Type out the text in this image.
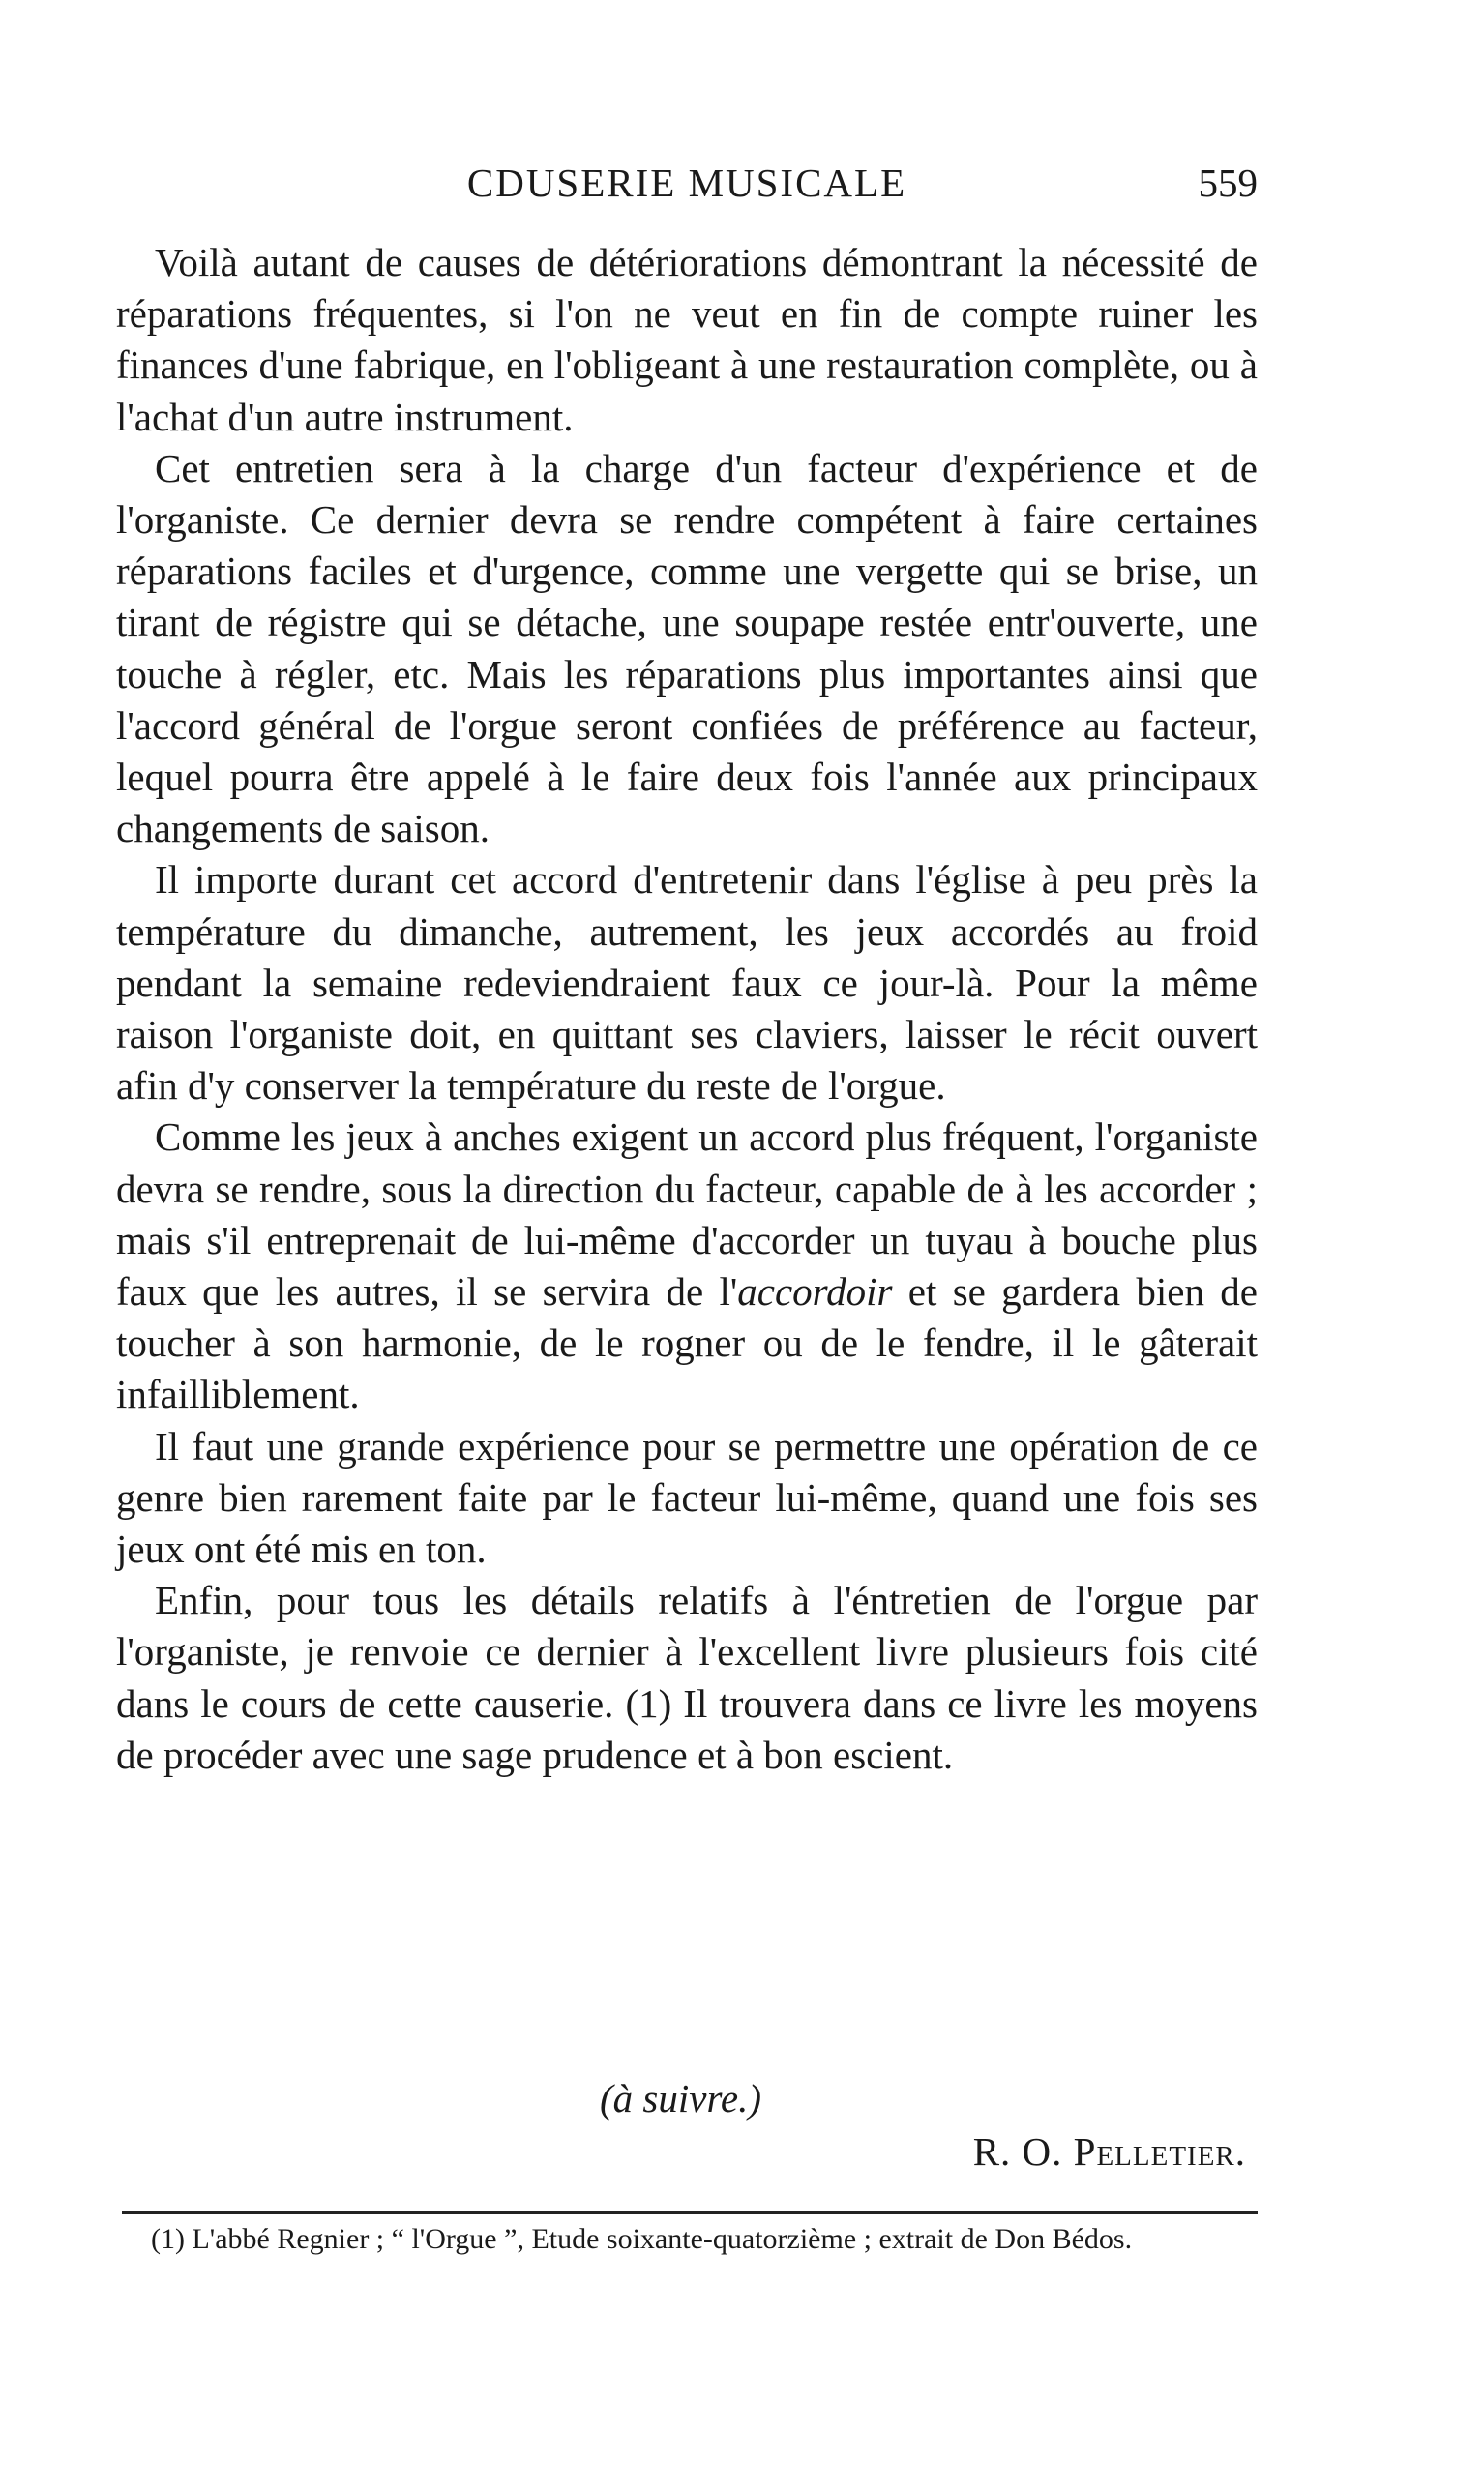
CDUSERIE MUSICALE	559

Voilà autant de causes de détériorations démontrant la nécessité de réparations fréquentes, si l'on ne veut en fin de compte ruiner les finances d'une fabrique, en l'obligeant à une restauration complète, ou à l'achat d'un autre instrument.

Cet entretien sera à la charge d'un facteur d'expérience et de l'organiste. Ce dernier devra se rendre compétent à faire certaines réparations faciles et d'urgence, comme une vergette qui se brise, un tirant de régistre qui se détache, une soupape restée entr'ouverte, une touche à régler, etc. Mais les réparations plus importantes ainsi que l'accord général de l'orgue seront confiées de préférence au facteur, lequel pourra être appelé à le faire deux fois l'année aux principaux changements de saison.

Il importe durant cet accord d'entretenir dans l'église à peu près la température du dimanche, autrement, les jeux accordés au froid pendant la semaine redeviendraient faux ce jour-là. Pour la même raison l'organiste doit, en quittant ses claviers, laisser le récit ouvert afin d'y conserver la température du reste de l'orgue.

Comme les jeux à anches exigent un accord plus fréquent, l'organiste devra se rendre, sous la direction du facteur, capable de à les accorder ; mais s'il entreprenait de lui-même d'accorder un tuyau à bouche plus faux que les autres, il se servira de l'accordoir et se gardera bien de toucher à son harmonie, de le rogner ou de le fendre, il le gâterait infailliblement.

Il faut une grande expérience pour se permettre une opération de ce genre bien rarement faite par le facteur lui-même, quand une fois ses jeux ont été mis en ton.

Enfin, pour tous les détails relatifs à l'éntretien de l'orgue par l'organiste, je renvoie ce dernier à l'excellent livre plusieurs fois cité dans le cours de cette causerie. (1) Il trouvera dans ce livre les moyens de procéder avec une sage prudence et à bon escient.

(à suivre.)
R. O. Pelletier.
(1) L'abbé Regnier ; “ l'Orgue ”, Etude soixante-quatorzième ; extrait de Don Bédos.
